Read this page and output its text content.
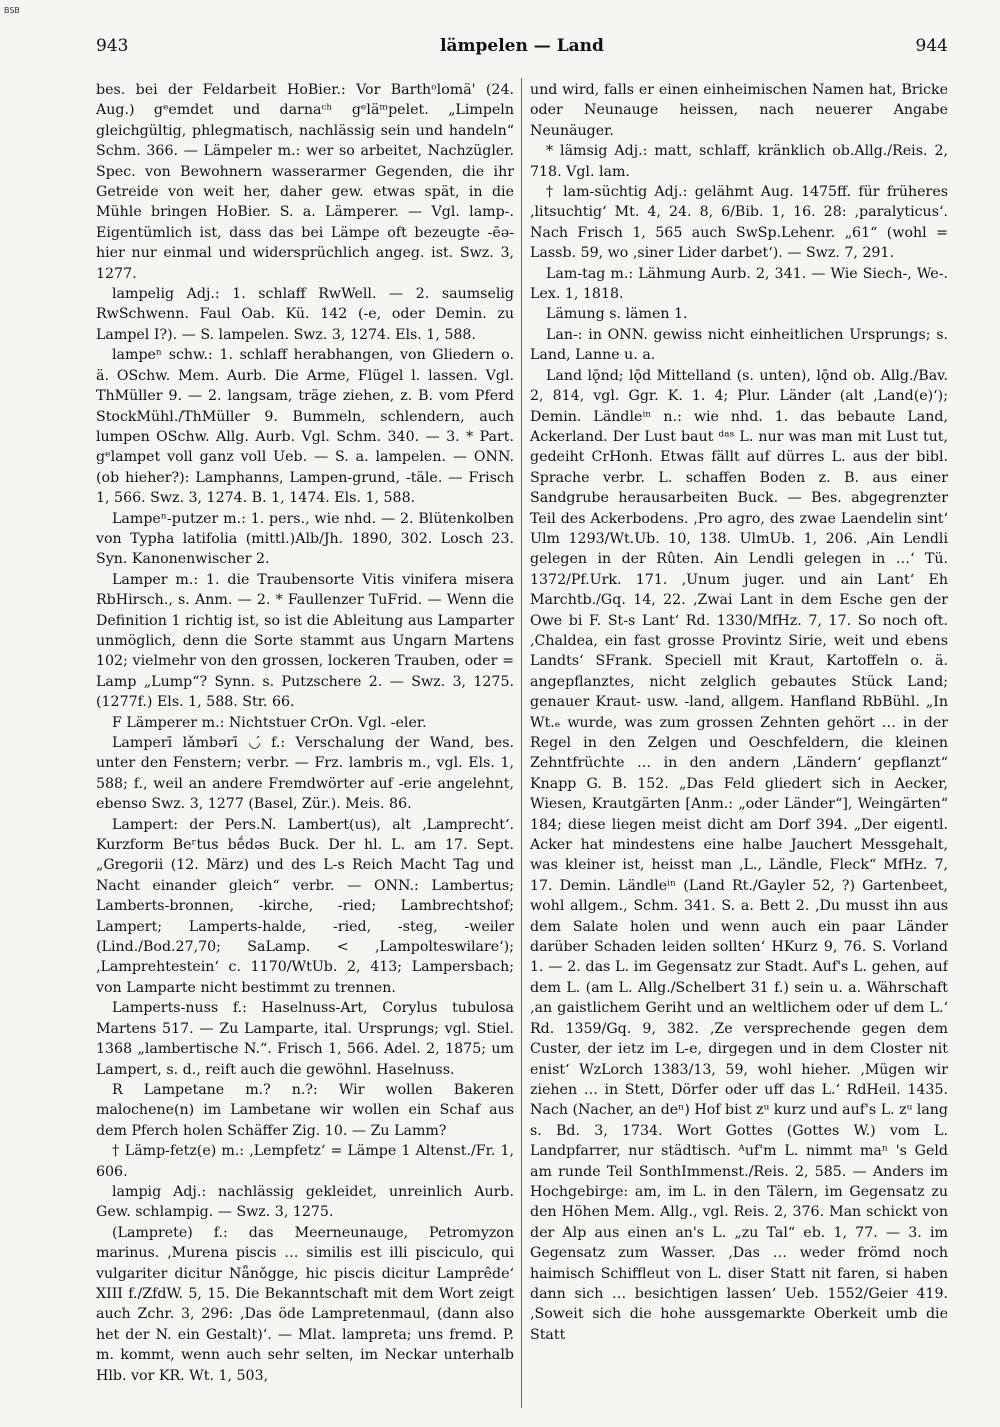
BSB
943	lämpelen — Land	944

bes. bei der Feldarbeit HoBier.: Vor Barthᵒlomä' (24. Aug.) gᵉemdet und darnaᶜʰ gᵉläᵐpelet. „Limpeln gleichgültig, phlegmatisch, nachlässig sein und handeln“ Schm. 366. — Lämpeler m.: wer so arbeitet, Nachzügler. Spec. von Bewohnern wasserarmer Gegenden, die ihr Getreide von weit her, daher gew. etwas spät, in die Mühle bringen HoBier. S. a. Lämperer. — Vgl. lamp-. Eigentümlich ist, dass das bei Lämpe oft bezeugte -ēə- hier nur einmal und widersprüchlich angeg. ist. Swz. 3, 1277.

lampelig Adj.: 1. schlaff RwWell. — 2. saumselig RwSchwenn. Faul Oab. Kü. 142 (-e, oder Demin. zu Lampel I?). — S. lampelen. Swz. 3, 1274. Els. 1, 588.

lampeⁿ schw.: 1. schlaff herabhangen, von Gliedern o. ä. OSchw. Mem. Aurb. Die Arme, Flügel l. lassen. Vgl. ThMüller 9. — 2. langsam, träge ziehen, z. B. vom Pferd StockMühl./ThMüller 9. Bummeln, schlendern, auch lumpen OSchw. Allg. Aurb. Vgl. Schm. 340. — 3. * Part. gᵉlampet voll ganz voll Ueb. — S. a. lampelen. — ONN. (ob hieher?): Lamphanns, Lampen-grund, -täle. — Frisch 1, 566. Swz. 3, 1274. B. 1, 1474. Els. 1, 588.

Lampeⁿ-putzer m.: 1. pers., wie nhd. — 2. Blütenkolben von Typha latifolia (mittl.)Alb/Jh. 1890, 302. Losch 23. Syn. Kanonenwischer 2.

Lamper m.: 1. die Traubensorte Vitis vinifera misera RbHirsch., s. Anm. — 2. * Faullenzer TuFrid. — Wenn die Definition 1 richtig ist, so ist die Ableitung aus Lamparter unmöglich, denn die Sorte stammt aus Ungarn Martens 102; vielmehr von den grossen, lockeren Trauben, oder = Lamp „Lump“? Synn. s. Putzschere 2. — Swz. 3, 1275. (1277f.) Els. 1, 588. Str. 66.

F Lämperer m.: Nichtstuer CrOn. Vgl. -eler.

Lamperī lǎmbərī ◡́ f.: Verschalung der Wand, bes. unter den Fenstern; verbr. — Frz. lambris m., vgl. Els. 1, 588; f., weil an andere Fremdwörter auf -erie angelehnt, ebenso Swz. 3, 1277 (Basel, Zür.). Meis. 86.

Lampert: der Pers.N. Lambert(us), alt ‚Lamprecht‘. Kurzform Beʳtus bḗdəs Buck. Der hl. L. am 17. Sept. „Gregorii (12. März) und des L-s Reich Macht Tag und Nacht einander gleich“ verbr. — ONN.: Lambertus; Lamberts-bronnen, -kirche, -ried; Lambrechtshof; Lampert; Lamperts-halde, -ried, -steg, -weiler (Lind./Bod.27,70; SaLamp. < ‚Lampolteswilare‘); ‚Lamprehtestein‘ c. 1170/WtUb. 2, 413; Lampersbach; von Lamparte nicht bestimmt zu trennen.

Lamperts-nuss f.: Haselnuss-Art, Corylus tubulosa Martens 517. — Zu Lamparte, ital. Ursprungs; vgl. Stiel. 1368 „lambertische N.“. Frisch 1, 566. Adel. 2, 1875; um Lampert, s. d., reift auch die gewöhnl. Haselnuss.

R Lampetane m.? n.?: Wir wollen Bakeren malochene(n) im Lambetane wir wollen ein Schaf aus dem Pferch holen Schäffer Zig. 10. — Zu Lamm?

† Lämp-fetz(e) m.: ‚Lempfetz‘ = Lämpe 1 Altenst./Fr. 1, 606.

lampig Adj.: nachlässig gekleidet, unreinlich Aurb. Gew. schlampig. — Swz. 3, 1275.

(Lamprete) f.: das Meerneunauge, Petromyzon marinus. ‚Murena piscis … similis est illi pisciculo, qui vulgariter dicitur Nǟnǒgge, hic piscis dicitur Lamprêde‘ XIII f./ZfdW. 5, 15. Die Bekanntschaft mit dem Wort zeigt auch Zchr. 3, 296: ‚Das öde Lampretenmaul, (dann also het der N. ein Gestalt)‘. — Mlat. lampreta; uns fremd. P. m. kommt, wenn auch sehr selten, im Neckar unterhalb Hlb. vor KR. Wt. 1, 503,

und wird, falls er einen einheimischen Namen hat, Bricke oder Neunauge heissen, nach neuerer Angabe Neunäuger.

* lämsig Adj.: matt, schlaff, kränklich ob.Allg./Reis. 2, 718. Vgl. lam.

† lam-süchtig Adj.: gelähmt Aug. 1475ff. für früheres ‚litsuchtig‘ Mt. 4, 24. 8, 6/Bib. 1, 16. 28: ‚paralyticus‘. Nach Frisch 1, 565 auch SwSp.Lehenr. „61“ (wohl = Lassb. 59, wo ‚siner Lider darbet‘). — Swz. 7, 291.

Lam-tag m.: Lähmung Aurb. 2, 341. — Wie Siech-, We-. Lex. 1, 1818.

Lämung s. lämen 1.

Lan-: in ONN. gewiss nicht einheitlichen Ursprungs; s. Land, Lanne u. a.

Land lǭnd; lǭd Mittelland (s. unten), lǭnd ob. Allg./Bav. 2, 814, vgl. Ggr. K. 1. 4; Plur. Länder (alt ‚Land(e)‘); Demin. Ländleⁱⁿ n.: wie nhd. 1. das bebaute Land, Ackerland. Der Lust baut ᵈᵃˢ L. nur was man mit Lust tut, gedeiht CrHonh. Etwas fällt auf dürres L. aus der bibl. Sprache verbr. L. schaffen Boden z. B. aus einer Sandgrube herausarbeiten Buck. — Bes. abgegrenzter Teil des Ackerbodens. ‚Pro agro, des zwae Laendelin sint‘ Ulm 1293/Wt.Ub. 10, 138. UlmUb. 1, 206. ‚Ain Lendli gelegen in der Rûten. Ain Lendli gelegen in …‘ Tü. 1372/Pf.Urk. 171. ‚Unum juger. und ain Lant‘ Eh Marchtb./Gq. 14, 22. ‚Zwai Lant in dem Esche gen der Owe bi F. St-s Lant‘ Rd. 1330/MfHz. 7, 17. So noch oft. ‚Chaldea, ein fast grosse Provintz Sirie, weit und ebens Landts‘ SFrank. Speciell mit Kraut, Kartoffeln o. ä. angepflanztes, nicht zelglich gebautes Stück Land; genauer Kraut- usw. -land, allgem. Hanfland RbBühl. „In Wt.ₑ wurde, was zum grossen Zehnten gehört … in der Regel in den Zelgen und Oeschfeldern, die kleinen Zehntfrüchte … in den andern ‚Ländern‘ gepflanzt“ Knapp G. B. 152. „Das Feld gliedert sich in Aecker, Wiesen, Krautgärten [Anm.: „oder Länder“], Weingärten“ 184; diese liegen meist dicht am Dorf 394. „Der eigentl. Acker hat mindestens eine halbe Jauchert Messgehalt, was kleiner ist, heisst man ‚L., Ländle, Fleck“ MfHz. 7, 17. Demin. Ländleⁱⁿ (Land Rt./Gayler 52, ?) Gartenbeet, wohl allgem., Schm. 341. S. a. Bett 2. ‚Du musst ihn aus dem Salate holen und wenn auch ein paar Länder darüber Schaden leiden sollten‘ HKurz 9, 76. S. Vorland 1. — 2. das L. im Gegensatz zur Stadt. Auf's L. gehen, auf dem L. (am L. Allg./Schelbert 31 f.) sein u. a. Währschaft ‚an gaistlichem Geriht und an weltlichem oder uf dem L.‘ Rd. 1359/Gq. 9, 382. ‚Ze versprechende gegen dem Custer, der ietz im L-e, dirgegen und in dem Closter nit enist‘ WzLorch 1383/13, 59, wohl hieher. ‚Mügen wir ziehen … in Stett, Dörfer oder uff das L.‘ RdHeil. 1435. Nach (Nacher, an deⁿ) Hof bist zᵘ kurz und auf's L. zᵘ lang s. Bd. 3, 1734. Wort Gottes (Gottes W.) vom L. Landpfarrer, nur städtisch. ᴬuf'm L. nimmt maⁿ 's Geld am runde Teil SonthImmenst./Reis. 2, 585. — Anders im Hochgebirge: am, im L. in den Tälern, im Gegensatz zu den Höhen Mem. Allg., vgl. Reis. 2, 376. Man schickt von der Alp aus einen an's L. „zu Tal“ eb. 1, 77. — 3. im Gegensatz zum Wasser. ‚Das … weder frömd noch haimisch Schiffleut von L. diser Statt nit faren, si haben dann sich … besichtigen lassen‘ Ueb. 1552/Geier 419. ‚Soweit sich die hohe aussgemarkte Oberkeit umb die Statt
